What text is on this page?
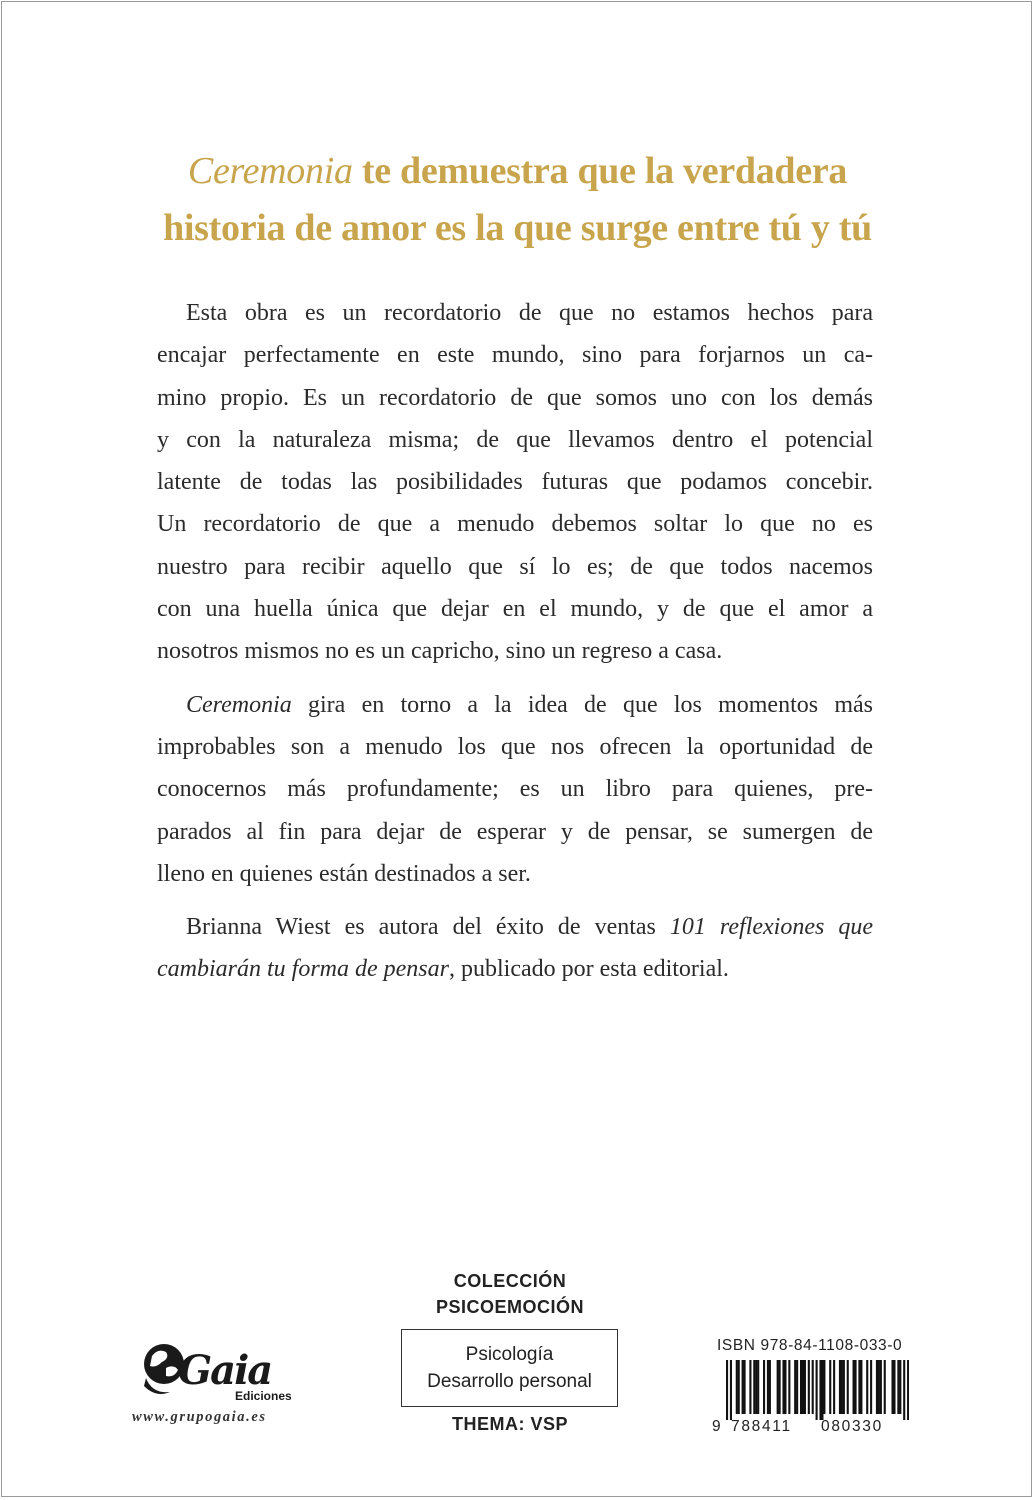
Ceremonia te demuestra que la verdadera
historia de amor es la que surge entre tú y tú

Esta obra es un recordatorio de que no estamos hechos para
encajar perfectamente en este mundo, sino para forjarnos un ca-
mino propio. Es un recordatorio de que somos uno con los demás
y con la naturaleza misma; de que llevamos dentro el potencial
latente de todas las posibilidades futuras que podamos concebir.
Un recordatorio de que a menudo debemos soltar lo que no es
nuestro para recibir aquello que sí lo es; de que todos nacemos
con una huella única que dejar en el mundo, y de que el amor a
nosotros mismos no es un capricho, sino un regreso a casa.

Ceremonia gira en torno a la idea de que los momentos más
improbables son a menudo los que nos ofrecen la oportunidad de
conocernos más profundamente; es un libro para quienes, pre-
parados al fin para dejar de esperar y de pensar, se sumergen de
lleno en quienes están destinados a ser.

Brianna Wiest es autora del éxito de ventas 101 reflexiones que
cambiarán tu forma de pensar, publicado por esta editorial.

Gaia
Ediciones
www.grupogaia.es
COLECCIÓN
PSICOEMOCIÓN
Psicología
Desarrollo personal
THEMA: VSP
ISBN 978-84-1108-033-0
9 788411 080330
